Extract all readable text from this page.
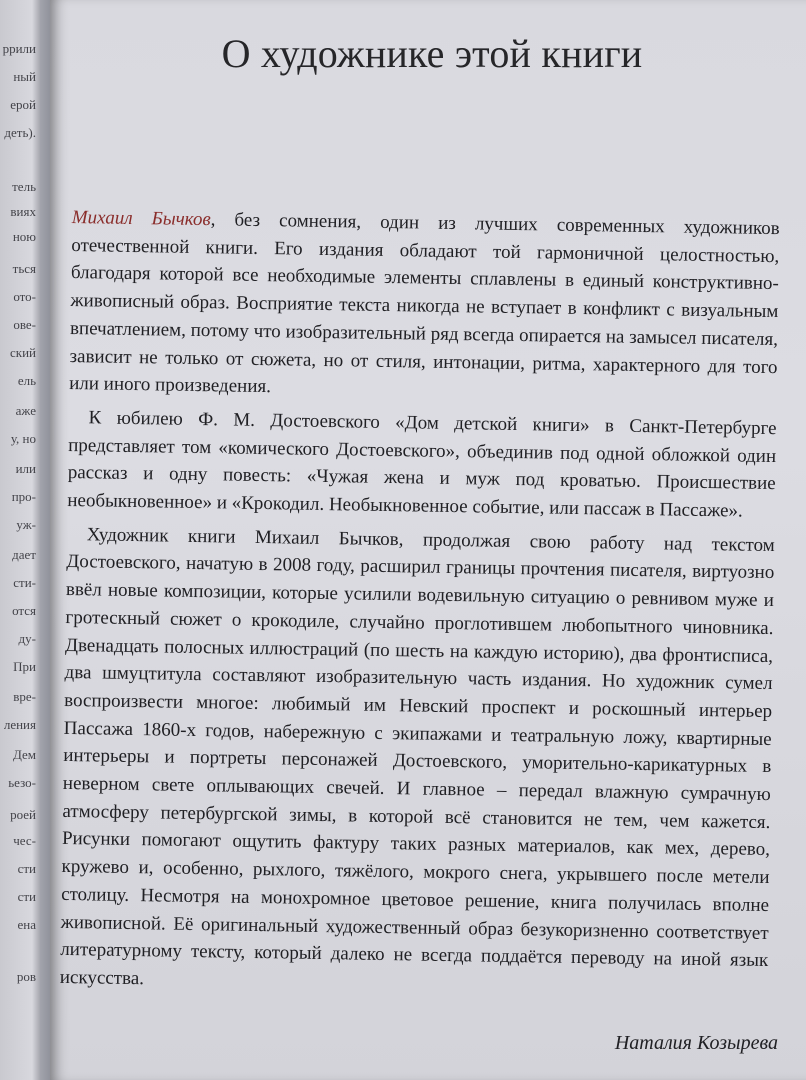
ррили
ный
ерой
деть).
тель
виях
ною
ться
ото-
ове-
ский
ель
аже
у, но
или
про-
уж-
дает
сти-
отся
ду-
При
вре-
ления
Дем
ьезо-
роей
чес-
сти
сти
ена
ров
О художнике этой книги

Михаил Бычков, без сомнения, один из лучших современных художников отечественной книги. Его издания обладают той гармоничной целостностью, благодаря которой все необходимые элементы сплавлены в единый конструктивно-живописный образ. Восприятие текста никогда не вступает в конфликт с визуальным впечатлением, потому что изобразительный ряд всегда опирается на замысел писателя, зависит не только от сюжета, но от стиля, интонации, ритма, характерного для того или иного произведения.

К юбилею Ф. М. Достоевского «Дом детской книги» в Санкт-Петербурге представляет том «комического Достоевского», объединив под одной обложкой один рассказ и одну повесть: «Чужая жена и муж под кроватью. Происшествие необыкновенное» и «Крокодил. Необыкновенное событие, или пассаж в Пассаже».

Художник книги Михаил Бычков, продолжая свою работу над текстом Достоевского, начатую в 2008 году, расширил границы прочтения писателя, виртуозно ввёл новые композиции, которые усилили водевильную ситуацию о ревнивом муже и гротескный сюжет о крокодиле, случайно проглотившем любопытного чиновника. Двенадцать полосных иллюстраций (по шесть на каждую историю), два фронтисписа, два шмуцтитула составляют изобразительную часть издания. Но художник сумел воспроизвести многое: любимый им Невский проспект и роскошный интерьер Пассажа 1860-х годов, набережную с экипажами и театральную ложу, квартирные интерьеры и портреты персонажей Достоевского, уморительно-карикатурных в неверном свете оплывающих свечей. И главное – передал влажную сумрачную атмосферу петербургской зимы, в которой всё становится не тем, чем кажется. Рисунки помогают ощутить фактуру таких разных материалов, как мех, дерево, кружево и, особенно, рыхлого, тяжёлого, мокрого снега, укрывшего после метели столицу. Несмотря на монохромное цветовое решение, книга получилась вполне живописной. Её оригинальный художественный образ безукоризненно соответствует литературному тексту, который далеко не всегда поддаётся переводу на иной язык искусства.

Наталия Козырева
